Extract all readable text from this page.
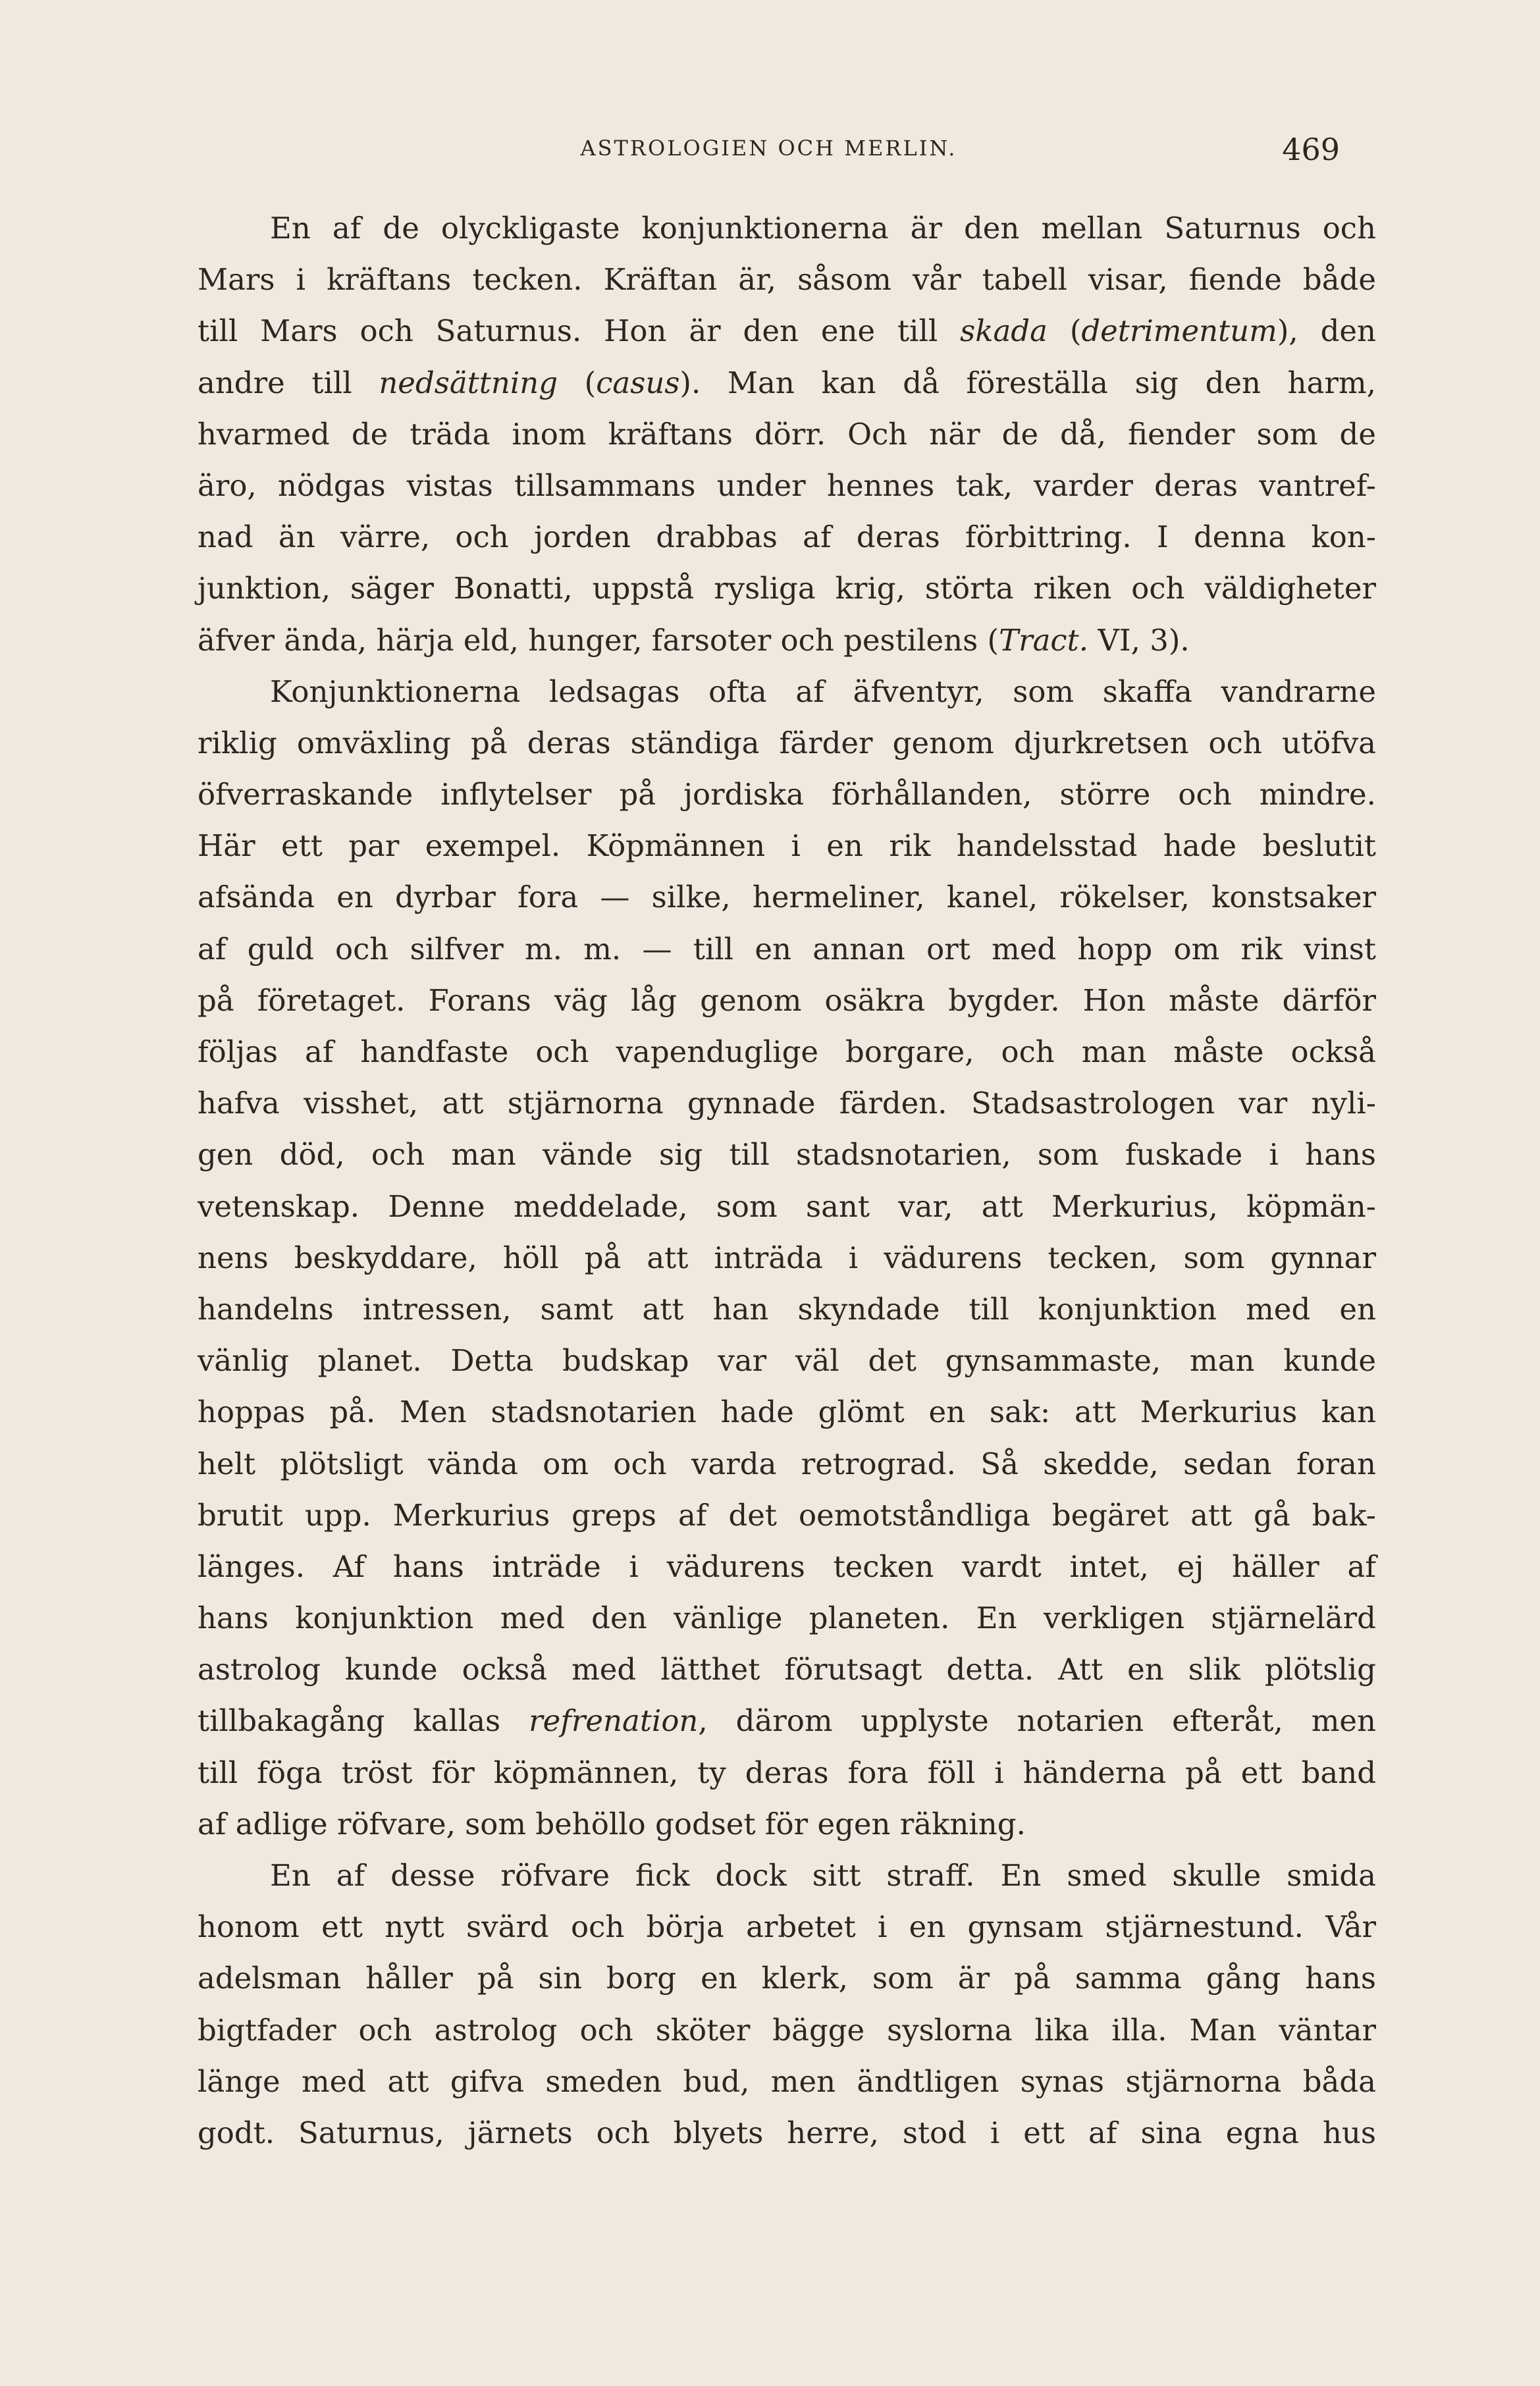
ASTROLOGIEN OCH MERLIN.	469
En af de olyckligaste konjunktionerna är den mellan Saturnus och
Mars i kräftans tecken. Kräftan är, såsom vår tabell visar, fiende både
till Mars och Saturnus. Hon är den ene till skada (detrimentum), den
andre till nedsättning (casus). Man kan då föreställa sig den harm,
hvarmed de träda inom kräftans dörr. Och när de då, fiender som de
äro, nödgas vistas tillsammans under hennes tak, varder deras vantref-
nad än värre, och jorden drabbas af deras förbittring. I denna kon-
junktion, säger Bonatti, uppstå rysliga krig, störta riken och väldigheter
äfver ända, härja eld, hunger, farsoter och pestilens (Tract. VI, 3).
Konjunktionerna ledsagas ofta af äfventyr, som skaffa vandrarne
riklig omväxling på deras ständiga färder genom djurkretsen och utöfva
öfverraskande inflytelser på jordiska förhållanden, större och mindre.
Här ett par exempel. Köpmännen i en rik handelsstad hade beslutit
afsända en dyrbar fora — silke, hermeliner, kanel, rökelser, konstsaker
af guld och silfver m. m. — till en annan ort med hopp om rik vinst
på företaget. Forans väg låg genom osäkra bygder. Hon måste därför
följas af handfaste och vapenduglige borgare, och man måste också
hafva visshet, att stjärnorna gynnade färden. Stadsastrologen var nyli-
gen död, och man vände sig till stadsnotarien, som fuskade i hans
vetenskap. Denne meddelade, som sant var, att Merkurius, köpmän-
nens beskyddare, höll på att inträda i vädurens tecken, som gynnar
handelns intressen, samt att han skyndade till konjunktion med en
vänlig planet. Detta budskap var väl det gynsammaste, man kunde
hoppas på. Men stadsnotarien hade glömt en sak: att Merkurius kan
helt plötsligt vända om och varda retrograd. Så skedde, sedan foran
brutit upp. Merkurius greps af det oemotståndliga begäret att gå bak-
länges. Af hans inträde i vädurens tecken vardt intet, ej häller af
hans konjunktion med den vänlige planeten. En verkligen stjärnelärd
astrolog kunde också med lätthet förutsagt detta. Att en slik plötslig
tillbakagång kallas refrenation, därom upplyste notarien efteråt, men
till föga tröst för köpmännen, ty deras fora föll i händerna på ett band
af adlige röfvare, som behöllo godset för egen räkning.
En af desse röfvare fick dock sitt straff. En smed skulle smida
honom ett nytt svärd och börja arbetet i en gynsam stjärnestund. Vår
adelsman håller på sin borg en klerk, som är på samma gång hans
bigtfader och astrolog och sköter bägge syslorna lika illa. Man väntar
länge med att gifva smeden bud, men ändtligen synas stjärnorna båda
godt. Saturnus, järnets och blyets herre, stod i ett af sina egna hus
